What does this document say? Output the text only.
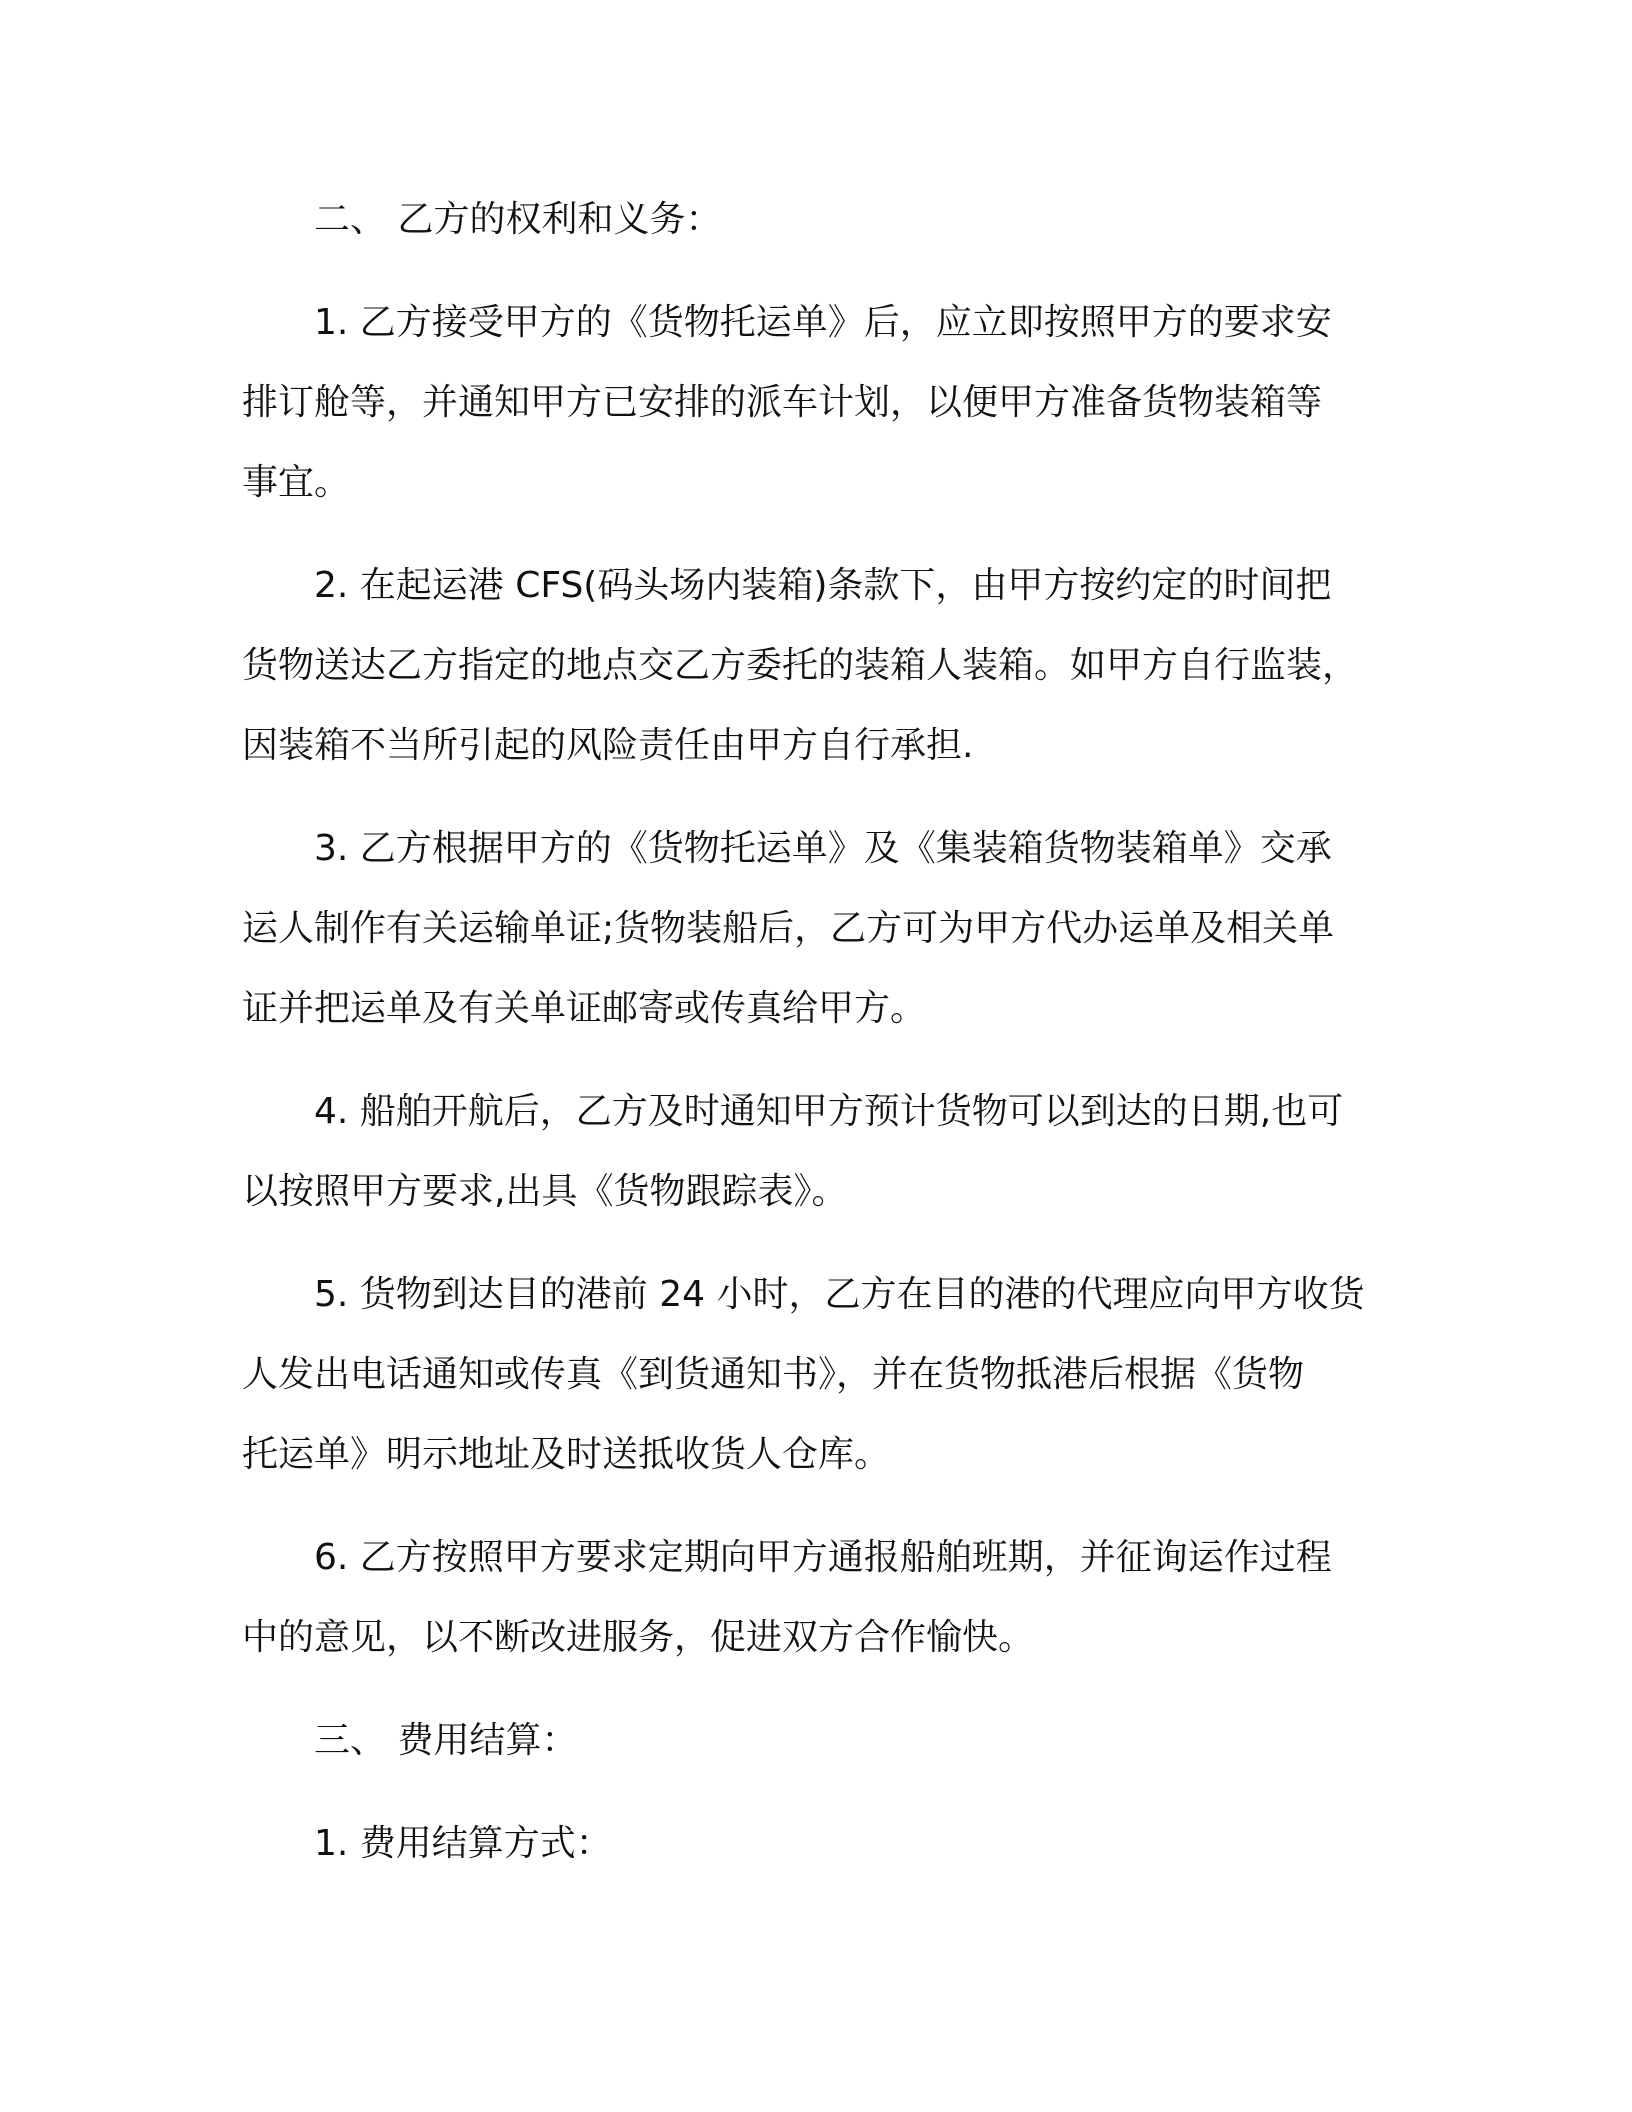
二、 乙方的权利和义务：
1. 乙方接受甲方的《货物托运单》后，应立即按照甲方的要求安
排订舱等，并通知甲方已安排的派车计划，以便甲方准备货物装箱等
事宜。
2. 在起运港 CFS(码头场内装箱)条款下，由甲方按约定的时间把
货物送达乙方指定的地点交乙方委托的装箱人装箱。如甲方自行监装，
因装箱不当所引起的风险责任由甲方自行承担.
3. 乙方根据甲方的《货物托运单》及《集装箱货物装箱单》交承
运人制作有关运输单证;货物装船后，乙方可为甲方代办运单及相关单
证并把运单及有关单证邮寄或传真给甲方。
4. 船舶开航后，乙方及时通知甲方预计货物可以到达的日期,也可
以按照甲方要求,出具《货物跟踪表》。
5. 货物到达目的港前 24 小时，乙方在目的港的代理应向甲方收货
人发出电话通知或传真《到货通知书》，并在货物抵港后根据《货物
托运单》明示地址及时送抵收货人仓库。
6. 乙方按照甲方要求定期向甲方通报船舶班期，并征询运作过程
中的意见，以不断改进服务，促进双方合作愉快。
三、 费用结算：
1. 费用结算方式：
